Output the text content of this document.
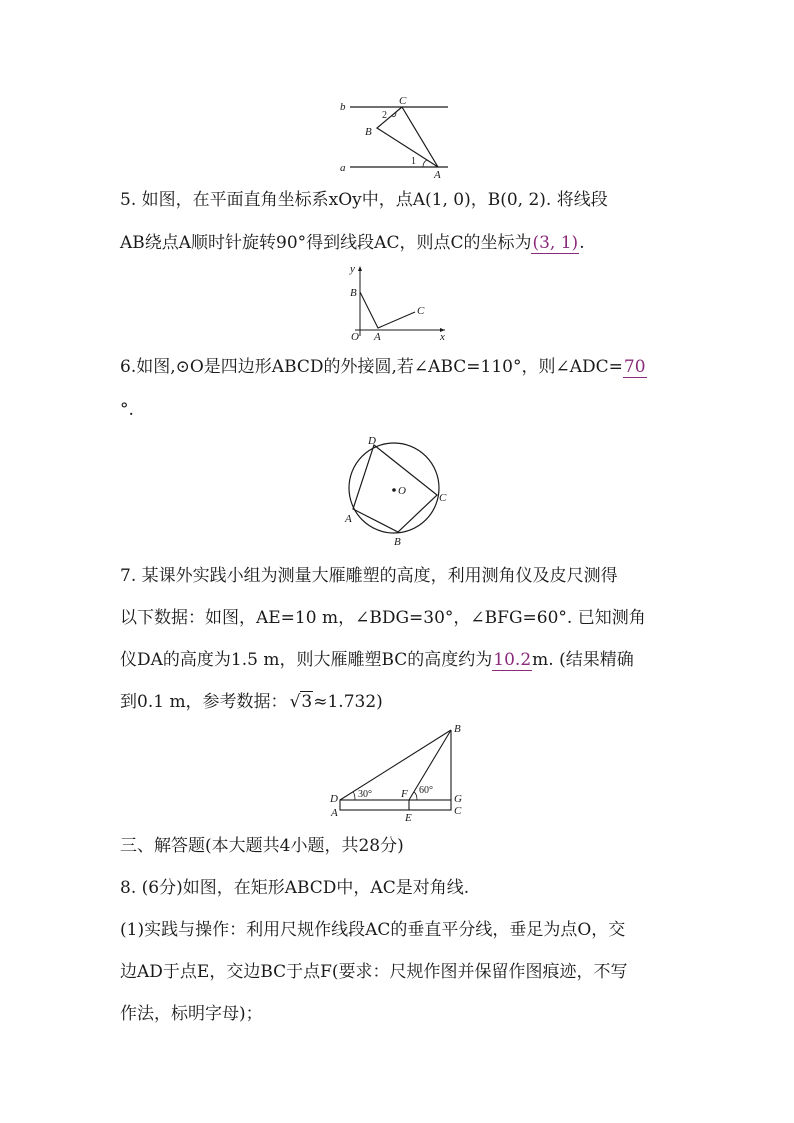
b
a
C
B
A
2
1
5. 如图，在平面直角坐标系xOy中，点A(1, 0)，B(0, 2). 将线段
AB绕点A顺时针旋转90°得到线段AC，则点C的坐标为(3, 1).
y
x
O A
B
C
6.如图,⊙O是四边形ABCD的外接圆,若∠ABC=110°，则∠ADC=70
°.
D
O
C
A
B
7. 某课外实践小组为测量大雁雕塑的高度，利用测角仪及皮尺测得
以下数据：如图，AE=10 m，∠BDG=30°，∠BFG=60°. 已知测角
仪DA的高度为1.5 m，则大雁雕塑BC的高度约为10.2m. (结果精确
到0.1 m，参考数据： √3≈1.732)
B
D	F	G
A	E
C
30°	60°
三、解答题(本大题共4小题，共28分)
8. (6分)如图，在矩形ABCD中，AC是对角线.
(1)实践与操作：利用尺规作线段AC的垂直平分线，垂足为点O，交
边AD于点E，交边BC于点F(要求：尺规作图并保留作图痕迹，不写
作法，标明字母)；
